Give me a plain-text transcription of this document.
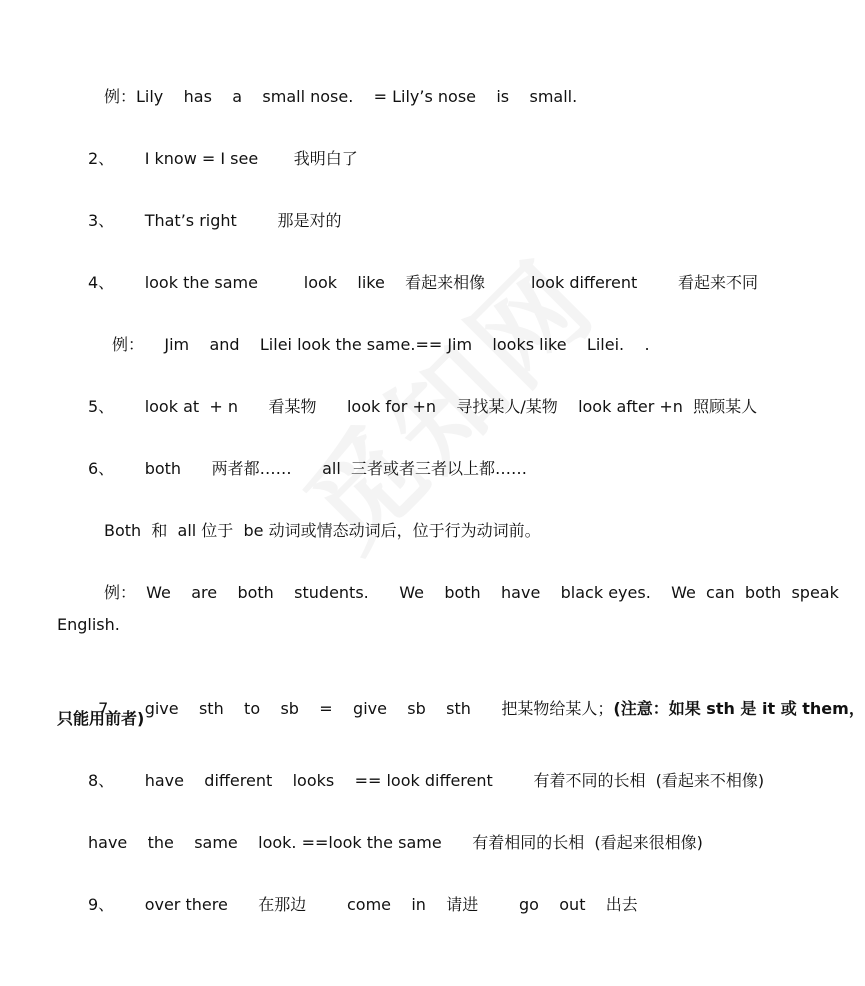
例：Lily    has    a    small nose.    = Lily’s nose    is    small.
2、      I know = I see       我明白了
3、      That’s right        那是对的
4、      look the same         look    like    看起来相像         look different        看起来不同
例：    Jim    and    Lilei look the same.== Jim    looks like    Lilei.    .
5、      look at  + n      看某物      look for +n    寻找某人/某物    look after +n  照顾某人
6、      both      两者都……      all  三者或者三者以上都……
Both  和  all 位于  be 动词或情态动词后，位于行为动词前。
例：  We    are    both    students.      We    both    have    black eyes.    We  can  both  speak
English.

7、    give    sth    to    sb    =    give    sb    sth      把某物给某人；(注意：如果 sth 是 it 或 them，

只能用前者)
8、      have    different    looks    == look different        有着不同的长相  (看起来不相像)
have    the    same    look. ==look the same      有着相同的长相  (看起来很相像)
9、      over there      在那边        come    in    请进        go    out    出去
